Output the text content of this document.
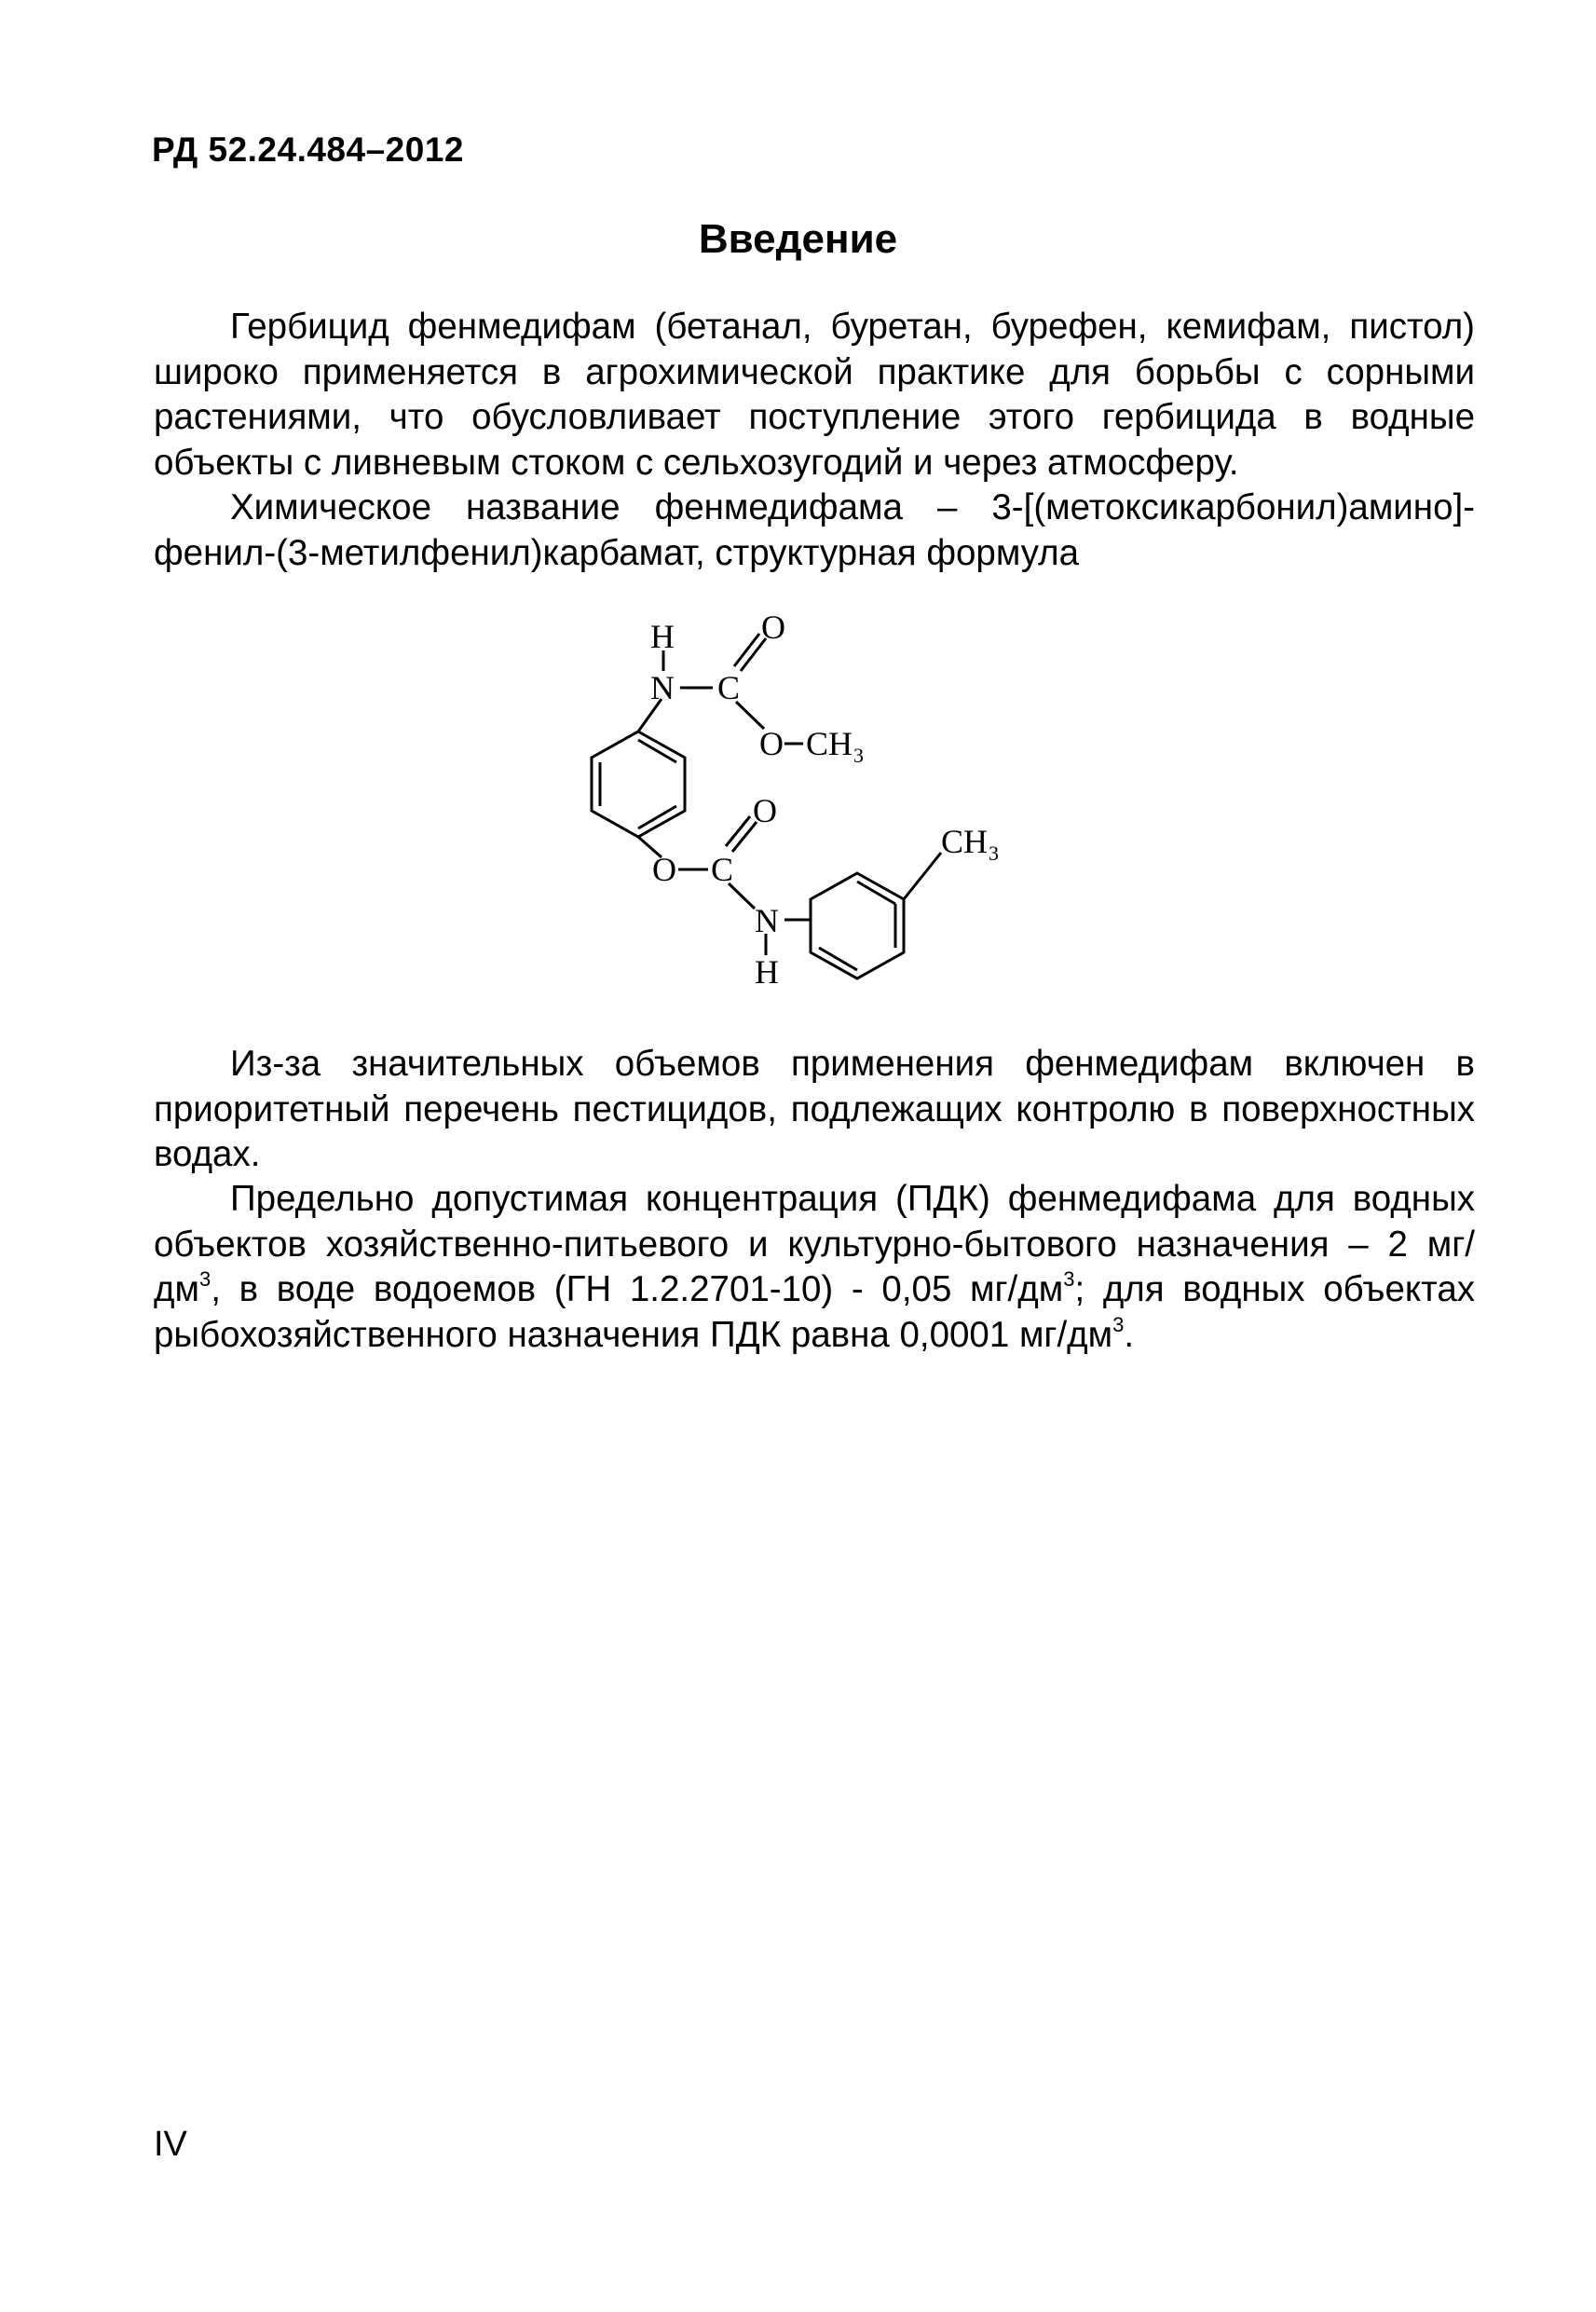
РД 52.24.484–2012
Введение

Гербицид фенмедифам (бетанал, буретан, бурефен, кемифам, пистол) широко применяется в агрохимической практике для борьбы с сорными растениями, что обусловливает поступление этого гербицида в водные объекты с ливневым стоком с сельхозугодий и через атмосферу.

Химическое название фенмедифама – 3-[(метоксикарбонил)амино]-фенил-(3-метилфенил)карбамат, структурная формула

H
N C
O
O CH 3
O C
O
N
H
CH 3

Из-за значительных объемов применения фенмедифам включен в приоритетный перечень пестицидов, подлежащих контролю в поверхностных водах.

Предельно допустимая концентрация (ПДК) фенмедифама для водных объектов хозяйственно-питьевого и культурно-бытового назначения – 2 $мг/дм^3$, в воде водоемов (ГН 1.2.2701-10) - 0,05 $мг/дм^3$; для водных объектах рыбохозяйственного назначения ПДК равна 0,0001 $мг/дм^3$.

IV
